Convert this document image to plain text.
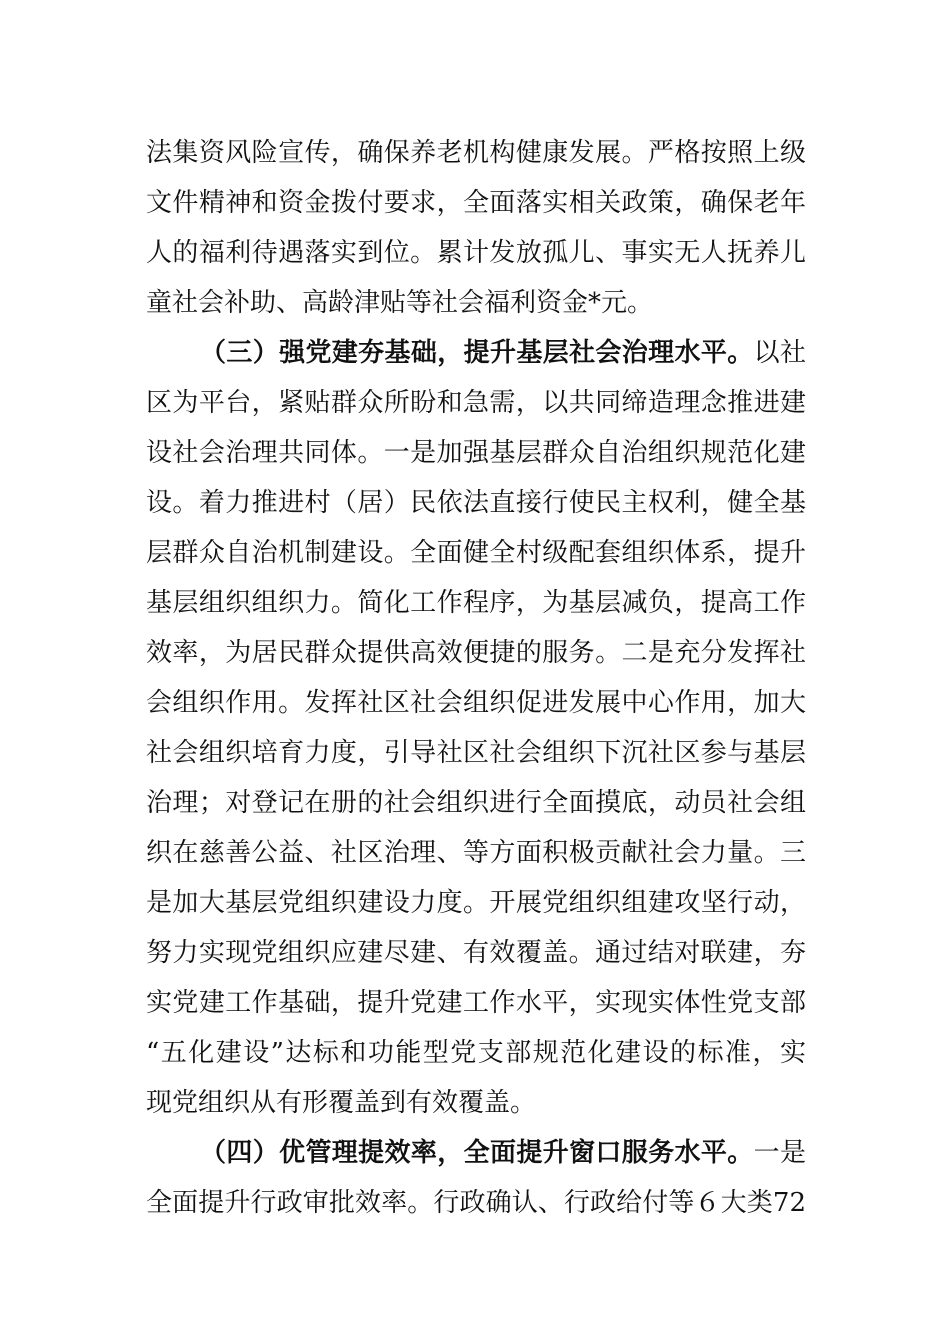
法集资风险宣传，确保养老机构健康发展。严格按照上级
文件精神和资金拨付要求，全面落实相关政策，确保老年
人的福利待遇落实到位。累计发放孤儿、事实无人抚养儿
童社会补助、高龄津贴等社会福利资金*元。
（三）强党建夯基础，提升基层社会治理水平。以社
区为平台，紧贴群众所盼和急需，以共同缔造理念推进建
设社会治理共同体。一是加强基层群众自治组织规范化建
设。着力推进村（居）民依法直接行使民主权利，健全基
层群众自治机制建设。全面健全村级配套组织体系，提升
基层组织组织力。简化工作程序，为基层减负，提高工作
效率，为居民群众提供高效便捷的服务。二是充分发挥社
会组织作用。发挥社区社会组织促进发展中心作用，加大
社会组织培育力度，引导社区社会组织下沉社区参与基层
治理；对登记在册的社会组织进行全面摸底，动员社会组
织在慈善公益、社区治理、等方面积极贡献社会力量。三
是加大基层党组织建设力度。开展党组织组建攻坚行动，
努力实现党组织应建尽建、有效覆盖。通过结对联建，夯
实党建工作基础，提升党建工作水平，实现实体性党支部
“五化建设”达标和功能型党支部规范化建设的标准，实
现党组织从有形覆盖到有效覆盖。
（四）优管理提效率，全面提升窗口服务水平。一是
全面提升行政审批效率。行政确认、行政给付等６大类72
